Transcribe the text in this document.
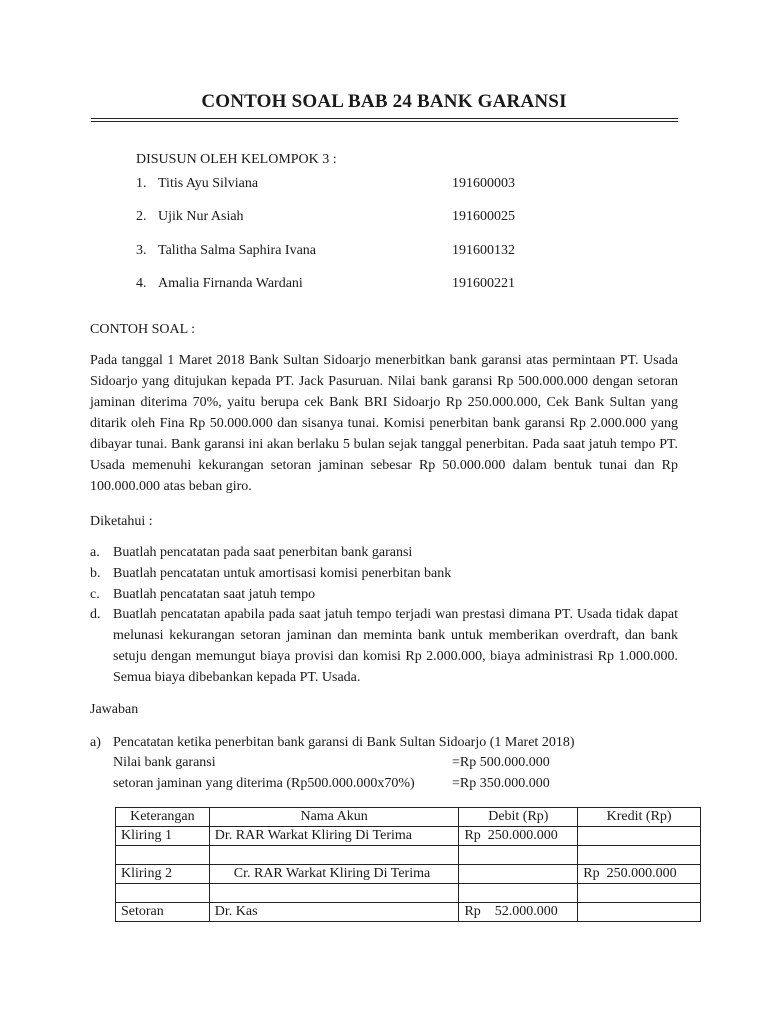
CONTOH SOAL BAB 24 BANK GARANSI
DISUSUN OLEH KELOMPOK 3 :
1. Titis Ayu Silviana	191600003
2. Ujik Nur Asiah	191600025
3. Talitha Salma Saphira Ivana	191600132
4. Amalia Firnanda Wardani	191600221
CONTOH SOAL :
Pada tanggal 1 Maret 2018 Bank Sultan Sidoarjo menerbitkan bank garansi atas permintaan PT. Usada Sidoarjo yang ditujukan kepada PT. Jack Pasuruan. Nilai bank garansi Rp 500.000.000 dengan setoran jaminan diterima 70%, yaitu berupa cek Bank BRI Sidoarjo Rp 250.000.000, Cek Bank Sultan yang ditarik oleh Fina Rp 50.000.000 dan sisanya tunai. Komisi penerbitan bank garansi Rp 2.000.000 yang dibayar tunai. Bank garansi ini akan berlaku 5 bulan sejak tanggal penerbitan. Pada saat jatuh tempo PT. Usada memenuhi kekurangan setoran jaminan sebesar Rp 50.000.000 dalam bentuk tunai dan Rp 100.000.000 atas beban giro.
Diketahui :
a. Buatlah pencatatan pada saat penerbitan bank garansi
b. Buatlah pencatatan untuk amortisasi komisi penerbitan bank
c. Buatlah pencatatan saat jatuh tempo
d. Buatlah pencatatan apabila pada saat jatuh tempo terjadi wan prestasi dimana PT. Usada tidak dapat melunasi kekurangan setoran jaminan dan meminta bank untuk memberikan overdraft, dan bank setuju dengan memungut biaya provisi dan komisi Rp 2.000.000, biaya administrasi Rp 1.000.000. Semua biaya dibebankan kepada PT. Usada.
Jawaban
a) Pencatatan ketika penerbitan bank garansi di Bank Sultan Sidoarjo (1 Maret 2018)
Nilai bank garansi	=Rp 500.000.000
setoran jaminan yang diterima (Rp500.000.000x70%)	=Rp 350.000.000
Keterangan	Nama Akun	Debit (Rp)	Kredit (Rp)
Kliring 1	Dr. RAR Warkat Kliring Di Terima	Rp  250.000.000	

Kliring 2	Cr. RAR Warkat Kliring Di Terima		Rp  250.000.000

Setoran	Dr. Kas	Rp    52.000.000	
